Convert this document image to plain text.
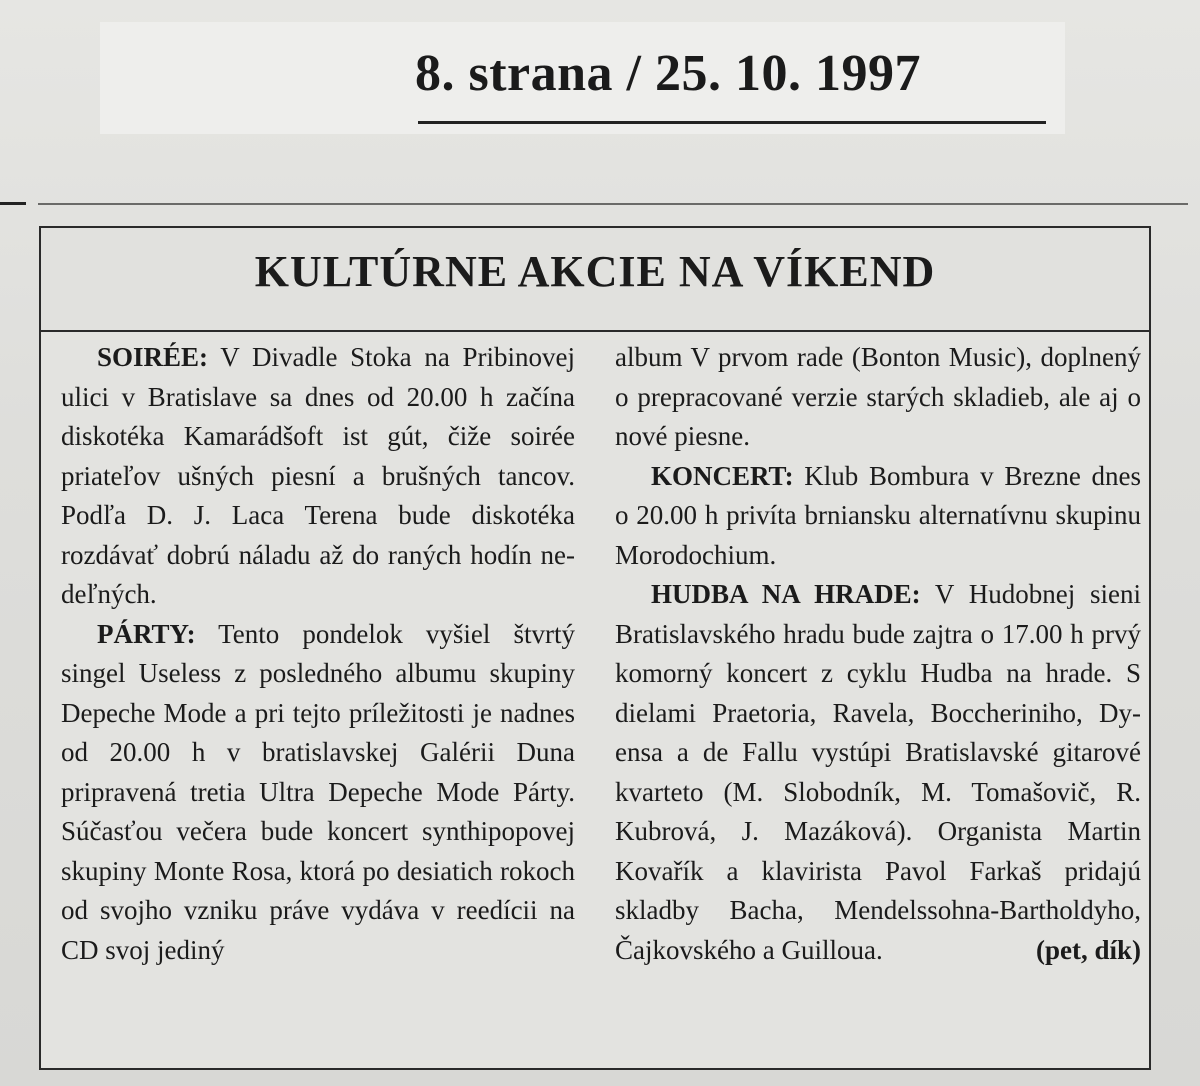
8. strana / 25. 10. 1997
KULTÚRNE AKCIE NA VÍKEND

SOIRÉE: V Divadle Stoka na Pribinovej ulici v Bratislave sa dnes od 20.00 h začína diskotéka Kamarádšoft ist gút, čiže soirée priateľov ušných piesní a brušných tancov. Podľa D. J. Laca Terena bude diskotéka rozdávať dobrú náladu až do raných hodín nedeľných.

PÁRTY: Tento pondelok vyšiel štvrtý singel Useless z posledného albumu skupiny Depeche Mode a pri tejto príležitosti je nadnes od 20.00 h v bratislavskej Galérii Duna pripravená tretia Ultra Depeche Mode Párty. Súčasťou večera bude koncert synthipopovej skupiny Monte Rosa, ktorá po desiatich rokoch od svojho vzniku práve vydáva v reedícii na CD svoj jediný

album V prvom rade (Bonton Music), doplnený o prepracované verzie starých skladieb, ale aj o nové piesne.

KONCERT: Klub Bombura v Brezne dnes o 20.00 h privíta brniansku alternatívnu skupinu Morodochium.

HUDBA NA HRADE: V Hudobnej sieni Bratislavského hradu bude zajtra o 17.00 h prvý komorný koncert z cyklu Hudba na hrade. S dielami Praetoria, Ravela, Boccheriniho, Dyensa a de Fallu vystúpi Bratislavské gitarové kvarteto (M. Slobodník, M. Tomašovič, R. Kubrová, J. Mazáková). Organista Martin Kovařík a klavirista Pavol Farkaš pridajú skladby Bacha, Mendelssohna-Bartholdyho, Čajkovského a Guilloua.	(pet, dík)
